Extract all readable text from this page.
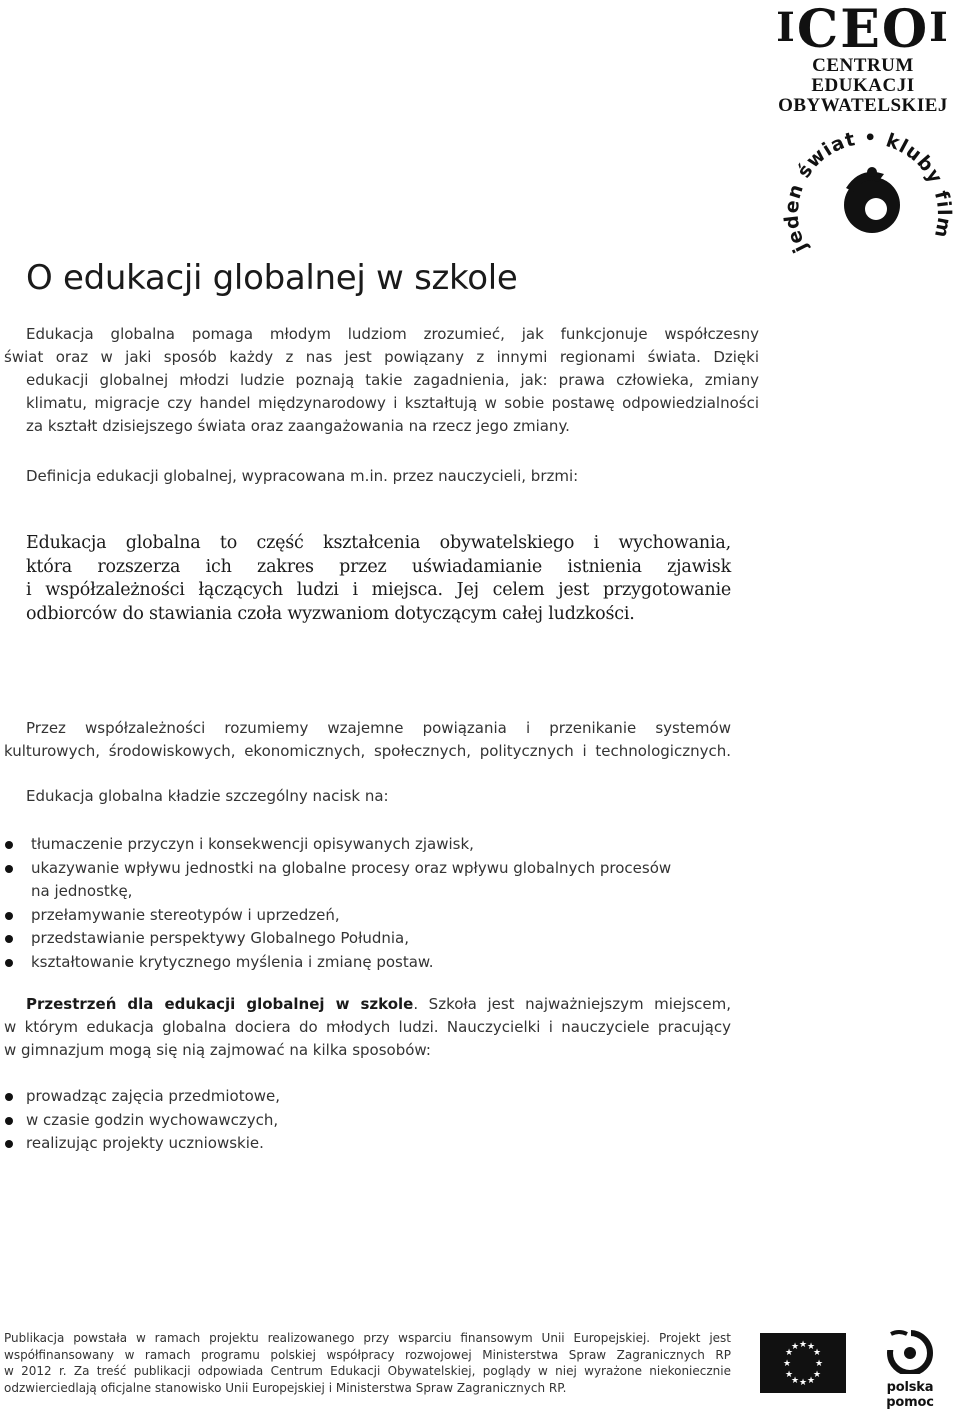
ICEOI
CENTRUM EDUKACJI
OBYWATELSKIEJ
jeden świat • kluby film
O edukacji globalnej w szkole
Edukacja globalna pomaga młodym ludziom zrozumieć, jak funkcjonuje współczesny
świat oraz w jaki sposób każdy z nas jest powiązany z innymi regionami świata. Dzięki
edukacji globalnej młodzi ludzie poznają takie zagadnienia, jak: prawa człowieka, zmiany
klimatu, migracje czy handel międzynarodowy i kształtują w sobie postawę odpowiedzialności
za kształt dzisiejszego świata oraz zaangażowania na rzecz jego zmiany.
Definicja edukacji globalnej, wypracowana m.in. przez nauczycieli, brzmi:
Edukacja globalna to część kształcenia obywatelskiego i wychowania,
która rozszerza ich zakres przez uświadamianie istnienia zjawisk
i współzależności łączących ludzi i miejsca. Jej celem jest przygotowanie
odbiorców do stawiania czoła wyzwaniom dotyczącym całej ludzkości.
Przez współzależności rozumiemy wzajemne powiązania i przenikanie systemów
kulturowych, środowiskowych, ekonomicznych, społecznych, politycznych i technologicznych.
Edukacja globalna kładzie szczególny nacisk na:
tłumaczenie przyczyn i konsekwencji opisywanych zjawisk,
ukazywanie wpływu jednostki na globalne procesy oraz wpływu globalnych procesów
na jednostkę,
przełamywanie stereotypów i uprzedzeń,
przedstawianie perspektywy Globalnego Południa,
kształtowanie krytycznego myślenia i zmianę postaw.
Przestrzeń dla edukacji globalnej w szkole. Szkoła jest najważniejszym miejscem,
w którym edukacja globalna dociera do młodych ludzi. Nauczycielki i nauczyciele pracujący
w gimnazjum mogą się nią zajmować na kilka sposobów:
prowadząc zajęcia przedmiotowe,
w czasie godzin wychowawczych,
realizując projekty uczniowskie.
Publikacja powstała w ramach projektu realizowanego przy wsparciu finansowym Unii Europejskiej. Projekt jest
współfinansowany w ramach programu polskiej współpracy rozwojowej Ministerstwa Spraw Zagranicznych RP
w 2012 r. Za treść publikacji odpowiada Centrum Edukacji Obywatelskiej, poglądy w niej wyrażone niekoniecznie
odzwierciedlają oficjalne stanowisko Unii Europejskiej i Ministerstwa Spraw Zagranicznych RP.
★ ★
★
★
★
★
★
★
★
★
★
★
polska pomoc
